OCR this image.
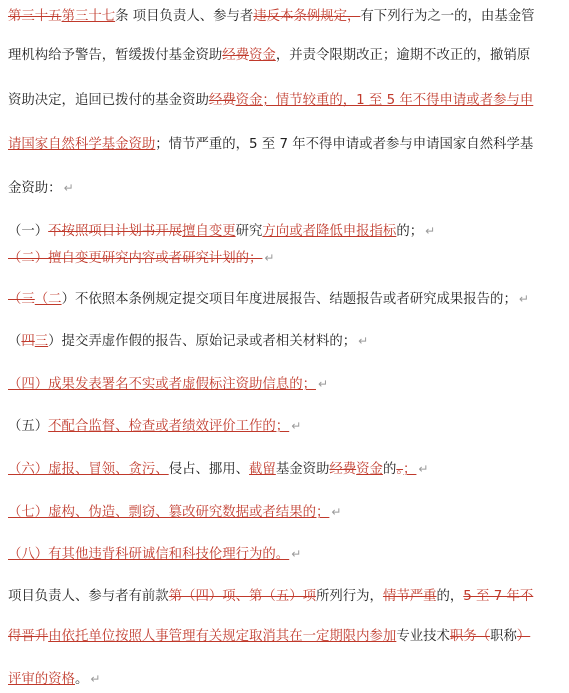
第三十五第三十七条 项目负责人、参与者违反本条例规定，有下列行为之一的，由基金管
理机构给予警告，暂缓拨付基金资助经费资金，并责令限期改正；逾期不改正的，撤销原
资助决定，追回已拨付的基金资助经费资金；情节较重的，1 至 5 年不得申请或者参与申
请国家自然科学基金资助；情节严重的，5 至 7 年不得申请或者参与申请国家自然科学基
金资助： ↵
（一）不按照项目计划书开展擅自变更研究方向或者降低申报指标的； ↵
（二）擅自变更研究内容或者研究计划的； ↵
（三（二）不依照本条例规定提交项目年度进展报告、结题报告或者研究成果报告的； ↵
（四三）提交弄虚作假的报告、原始记录或者相关材料的； ↵
（四）成果发表署名不实或者虚假标注资助信息的； ↵
（五）不配合监督、检查或者绩效评价工作的； ↵
（六）虚报、冒领、贪污、侵占、挪用、截留基金资助经费资金的。； ↵
（七）虚构、伪造、剽窃、篡改研究数据或者结果的； ↵
（八）有其他违背科研诚信和科技伦理行为的。 ↵
项目负责人、参与者有前款第（四）项、第（五）项所列行为，情节严重的，5 至 7 年不
得晋升由依托单位按照人事管理有关规定取消其在一定期限内参加专业技术职务（职称）
评审的资格。 ↵
